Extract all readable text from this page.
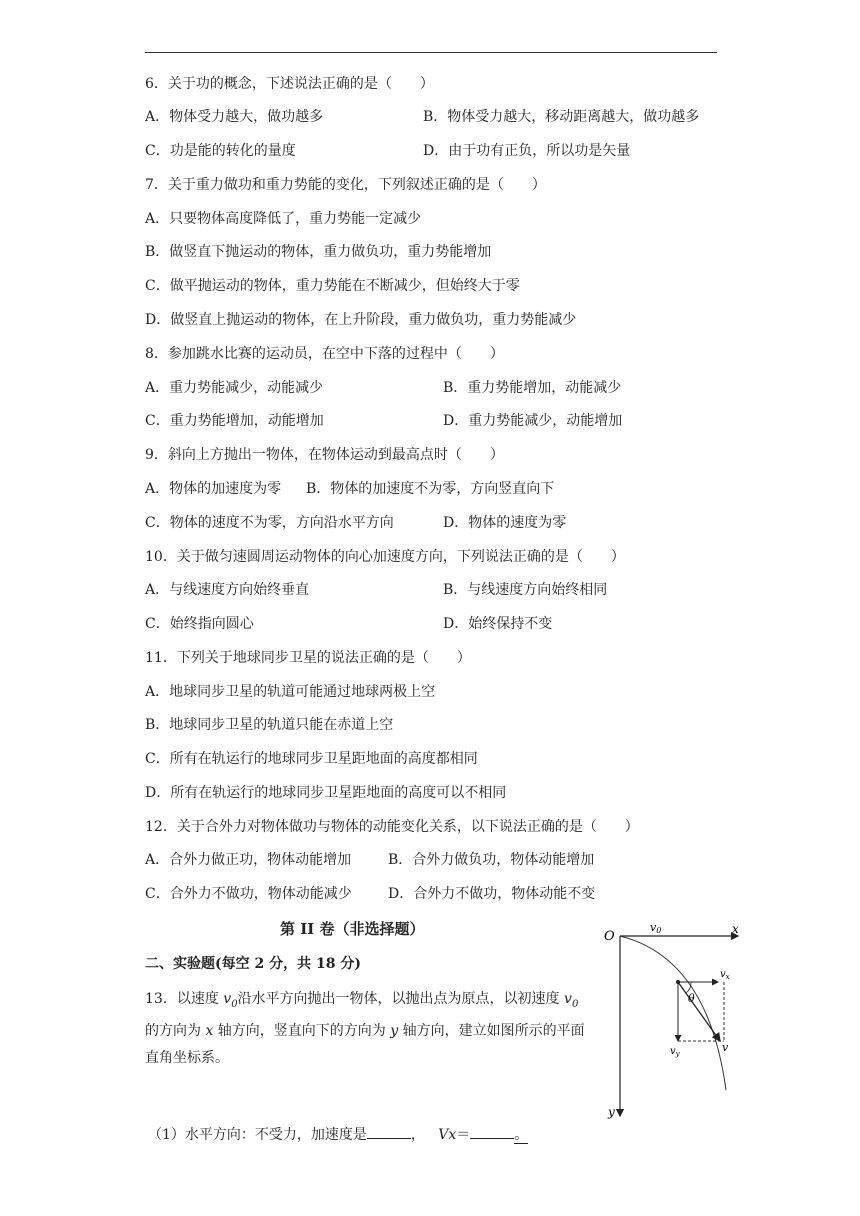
6．关于功的概念，下述说法正确的是（　　）
A．物体受力越大，做功越多	B．物体受力越大，移动距离越大，做功越多
C．功是能的转化的量度	D．由于功有正负，所以功是矢量
7．关于重力做功和重力势能的变化，下列叙述正确的是（　　）
A．只要物体高度降低了，重力势能一定减少
B．做竖直下抛运动的物体，重力做负功，重力势能增加
C．做平抛运动的物体，重力势能在不断减少，但始终大于零
D．做竖直上抛运动的物体，在上升阶段，重力做负功，重力势能减少
8．参加跳水比赛的运动员，在空中下落的过程中（　　）
A．重力势能减少，动能减少	B．重力势能增加，动能减少
C．重力势能增加，动能增加	D．重力势能减少，动能增加
9．斜向上方抛出一物体，在物体运动到最高点时（　　）
A．物体的加速度为零 B．物体的加速度不为零，方向竖直向下
C．物体的速度不为零，方向沿水平方向	D．物体的速度为零
10．关于做匀速圆周运动物体的向心加速度方向，下列说法正确的是（　　）
A．与线速度方向始终垂直	B．与线速度方向始终相同
C．始终指向圆心	D．始终保持不变
11．下列关于地球同步卫星的说法正确的是（　　）
A．地球同步卫星的轨道可能通过地球两极上空
B．地球同步卫星的轨道只能在赤道上空
C．所有在轨运行的地球同步卫星距地面的高度都相同
D．所有在轨运行的地球同步卫星距地面的高度可以不相同
12．关于合外力对物体做功与物体的动能变化关系，以下说法正确的是（　　）
A．合外力做正功，物体动能增加	B．合外力做负功，物体动能增加
C．合外力不做功，物体动能减少	D．合外力不做功，物体动能不变
第 II 卷（非选择题）
二、实验题(每空 2 分，共 18 分)
13．以速度 $v_0$沿水平方向抛出一物体，以抛出点为原点，以初速度 $v_0$的方向为 x 轴方向，竖直向下的方向为 y 轴方向，建立如图所示的平面直角坐标系。
（1）水平方向：不受力，加速度是	， Vx＝	。
O	x
y
v0
$v_x$
$v_y$	v
θ
